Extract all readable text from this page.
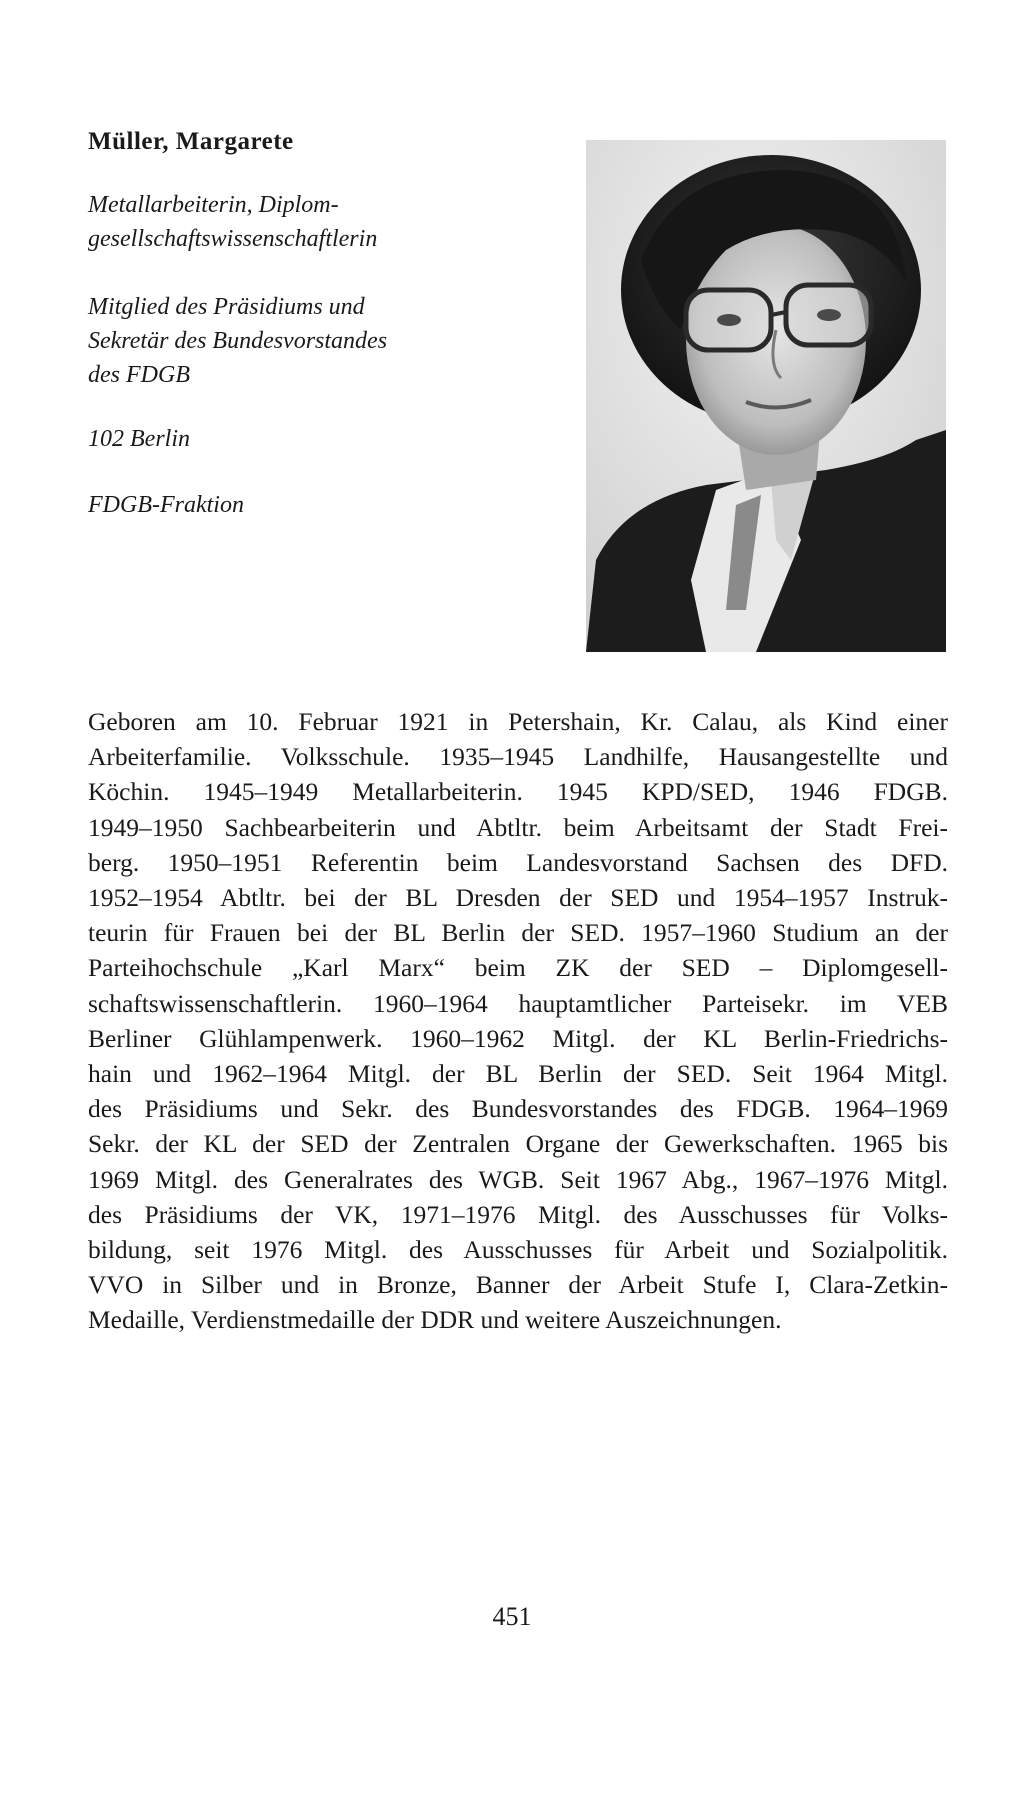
Müller, Margarete
Metallarbeiterin, Diplom-
gesellschaftswissenschaftlerin
Mitglied des Präsidiums und
Sekretär des Bundesvorstandes
des FDGB
102 Berlin
FDGB-Fraktion
Geboren am 10. Februar 1921 in Petershain, Kr. Calau, als Kind einer
Arbeiterfamilie. Volksschule. 1935–1945 Landhilfe, Hausangestellte und
Köchin. 1945–1949 Metallarbeiterin. 1945 KPD/SED, 1946 FDGB.
1949–1950 Sachbearbeiterin und Abtltr. beim Arbeitsamt der Stadt Frei-
berg. 1950–1951 Referentin beim Landesvorstand Sachsen des DFD.
1952–1954 Abtltr. bei der BL Dresden der SED und 1954–1957 Instruk-
teurin für Frauen bei der BL Berlin der SED. 1957–1960 Studium an der
Parteihochschule „Karl Marx“ beim ZK der SED – Diplomgesell-
schaftswissenschaftlerin. 1960–1964 hauptamtlicher Parteisekr. im VEB
Berliner Glühlampenwerk. 1960–1962 Mitgl. der KL Berlin-Friedrichs-
hain und 1962–1964 Mitgl. der BL Berlin der SED. Seit 1964 Mitgl.
des Präsidiums und Sekr. des Bundesvorstandes des FDGB. 1964–1969
Sekr. der KL der SED der Zentralen Organe der Gewerkschaften. 1965 bis
1969 Mitgl. des Generalrates des WGB. Seit 1967 Abg., 1967–1976 Mitgl.
des Präsidiums der VK, 1971–1976 Mitgl. des Ausschusses für Volks-
bildung, seit 1976 Mitgl. des Ausschusses für Arbeit und Sozialpolitik.
VVO in Silber und in Bronze, Banner der Arbeit Stufe I, Clara-Zetkin-
Medaille, Verdienstmedaille der DDR und weitere Auszeichnungen.
451
